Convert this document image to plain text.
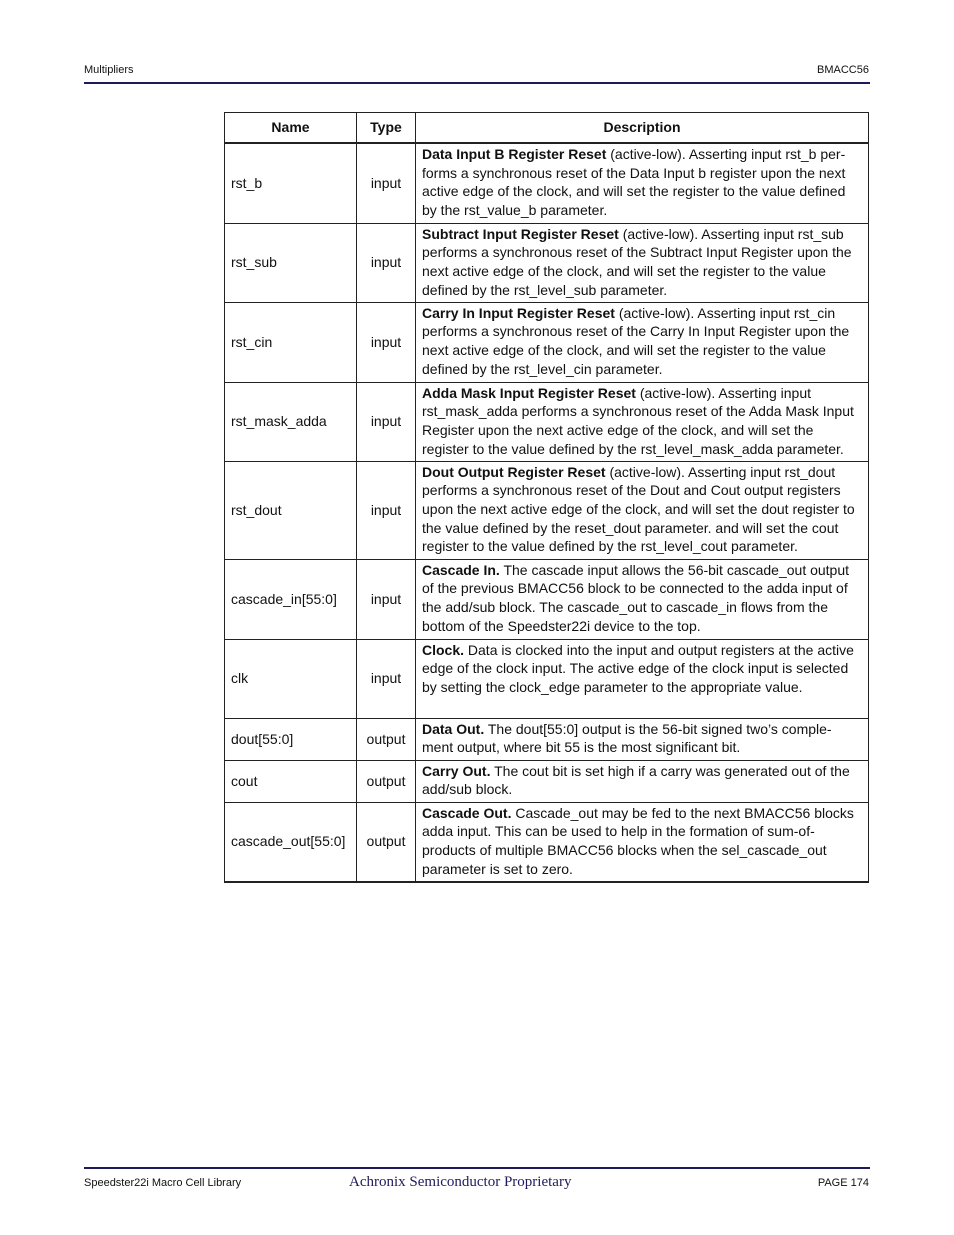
Multipliers	BMACC56
Name	Type	Description
rst_b	input	Data Input B Register Reset (active-low). Asserting input rst_b per- forms a synchronous reset of the Data Input b register upon the next active edge of the clock, and will set the register to the value defined by the rst_value_b parameter.
rst_sub	input	Subtract Input Register Reset (active-low). Asserting input rst_sub performs a synchronous reset of the Subtract Input Register upon the next active edge of the clock, and will set the register to the value defined by the rst_level_sub parameter.
rst_cin	input	Carry In Input Register Reset (active-low). Asserting input rst_cin performs a synchronous reset of the Carry In Input Register upon the next active edge of the clock, and will set the register to the value defined by the rst_level_cin parameter.
rst_mask_adda	input	Adda Mask Input Register Reset (active-low). Asserting input rst_mask_adda performs a synchronous reset of the Adda Mask Input Register upon the next active edge of the clock, and will set the register to the value defined by the rst_level_mask_adda parameter.
rst_dout	input	Dout Output Register Reset (active-low). Asserting input rst_dout performs a synchronous reset of the Dout and Cout output registers upon the next active edge of the clock, and will set the dout register to the value defined by the reset_dout parameter. and will set the cout register to the value defined by the rst_level_cout parameter.
cascade_in[55:0]	input	Cascade In. The cascade input allows the 56-bit cascade_out output of the previous BMACC56 block to be connected to the adda input of the add/sub block. The cascade_out to cascade_in flows from the bottom of the Speedster22i device to the top.
clk	input	Clock. Data is clocked into the input and output registers at the active edge of the clock input. The active edge of the clock input is selected by setting the clock_edge parameter to the appropriate value.
dout[55:0]	output	Data Out. The dout[55:0] output is the 56-bit signed two’s comple- ment output, where bit 55 is the most significant bit.
cout	output	Carry Out. The cout bit is set high if a carry was generated out of the add/sub block.
cascade_out[55:0]	output	Cascade Out. Cascade_out may be fed to the next BMACC56 blocks adda input. This can be used to help in the formation of sum-of- products of multiple BMACC56 blocks when the sel_cascade_out parameter is set to zero.
Speedster22i Macro Cell Library	Achronix Semiconductor Proprietary	PAGE 174
